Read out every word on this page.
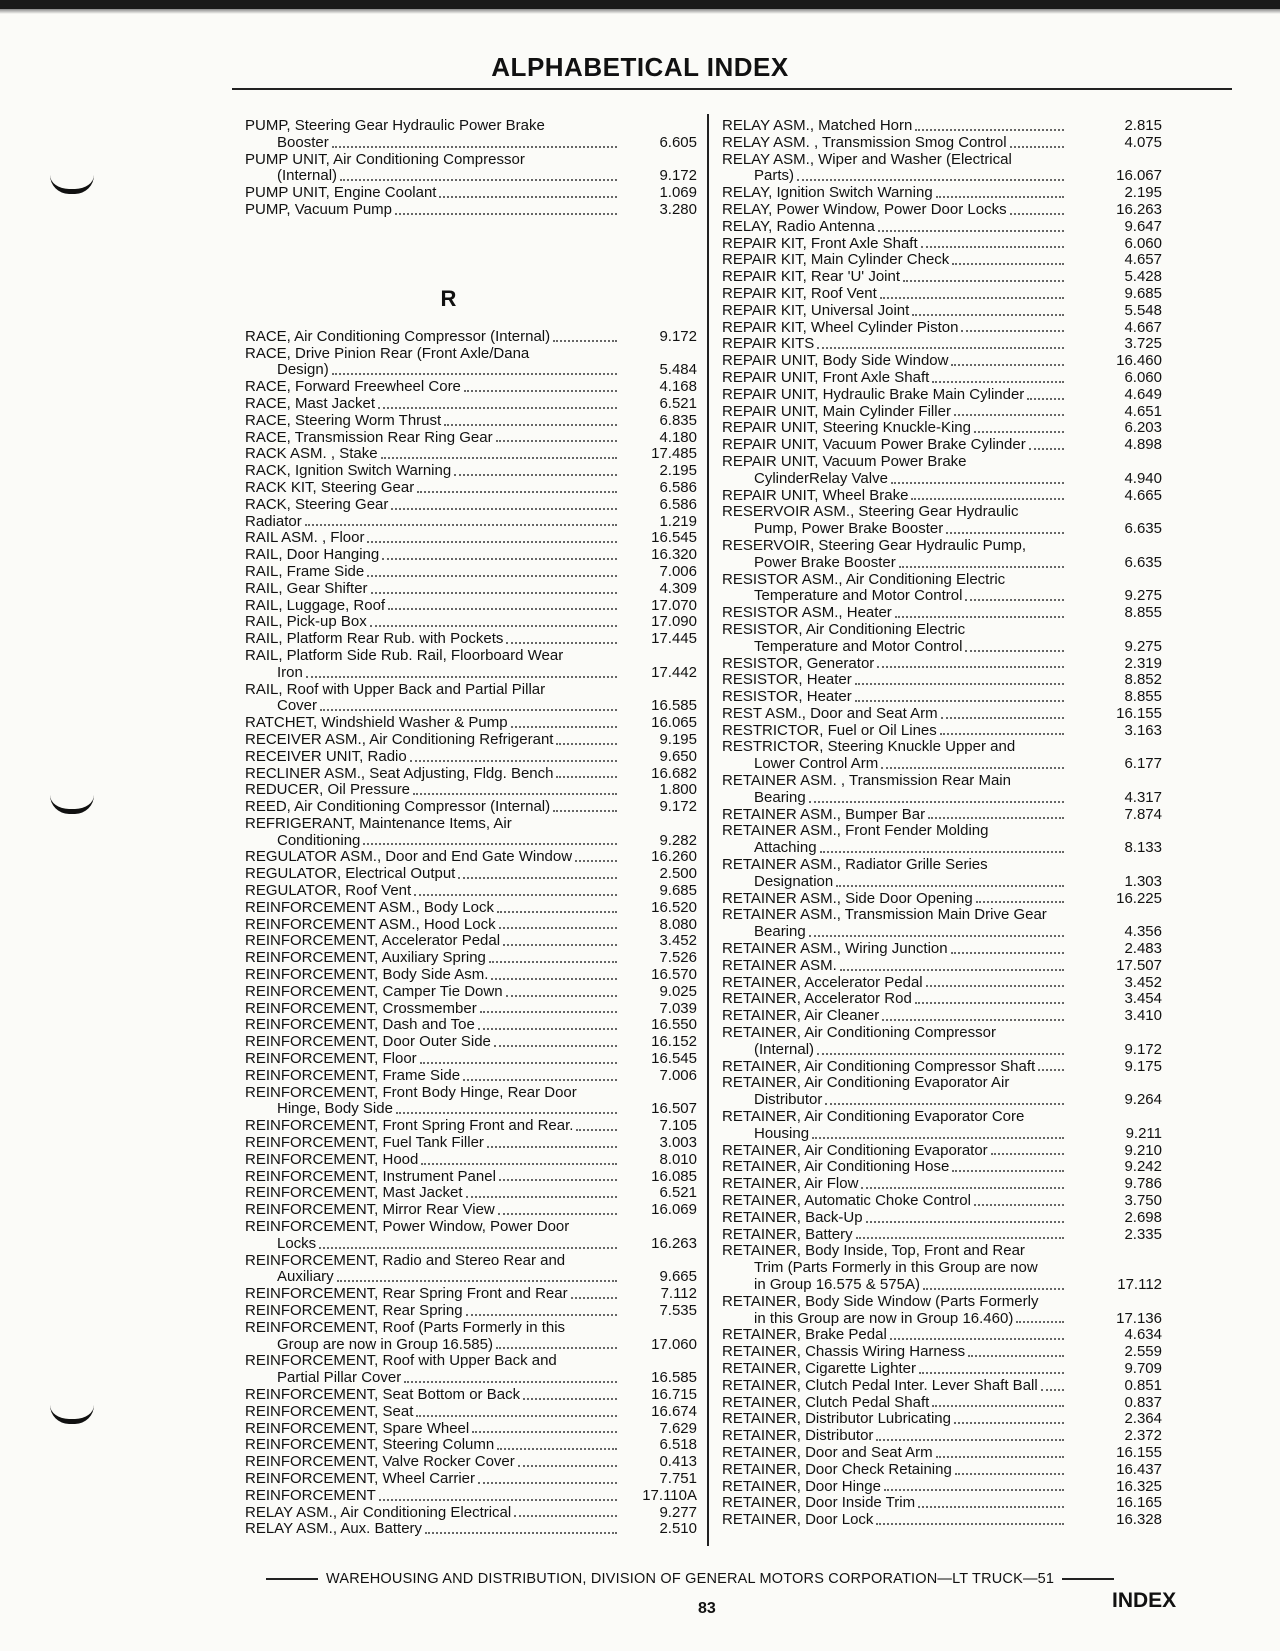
ALPHABETICAL INDEX
PUMP, Steering Gear Hydraulic Power Brake
Booster	6.605
PUMP UNIT, Air Conditioning Compressor
(Internal)	9.172
PUMP UNIT, Engine Coolant	1.069
PUMP, Vacuum Pump	3.280
R
RACE, Air Conditioning Compressor (Internal)	9.172
RACE, Drive Pinion Rear (Front Axle/Dana
Design)	5.484
RACE, Forward Freewheel Core	4.168
RACE, Mast Jacket	6.521
RACE, Steering Worm Thrust	6.835
RACE, Transmission Rear Ring Gear	4.180
RACK ASM. , Stake	17.485
RACK, Ignition Switch Warning	2.195
RACK KIT, Steering Gear	6.586
RACK, Steering Gear	6.586
Radiator	1.219
RAIL ASM. , Floor	16.545
RAIL, Door Hanging	16.320
RAIL, Frame Side	7.006
RAIL, Gear Shifter	4.309
RAIL, Luggage, Roof	17.070
RAIL, Pick-up Box	17.090
RAIL, Platform Rear Rub. with Pockets	17.445
RAIL, Platform Side Rub. Rail, Floorboard Wear
Iron	17.442
RAIL, Roof with Upper Back and Partial Pillar
Cover	16.585
RATCHET, Windshield Washer & Pump	16.065
RECEIVER ASM., Air Conditioning Refrigerant	9.195
RECEIVER UNIT, Radio	9.650
RECLINER ASM., Seat Adjusting, Fldg. Bench	16.682
REDUCER, Oil Pressure	1.800
REED, Air Conditioning Compressor (Internal)	9.172
REFRIGERANT, Maintenance Items, Air
Conditioning	9.282
REGULATOR ASM., Door and End Gate Window	16.260
REGULATOR, Electrical Output	2.500
REGULATOR, Roof Vent	9.685
REINFORCEMENT ASM., Body Lock	16.520
REINFORCEMENT ASM., Hood Lock	8.080
REINFORCEMENT, Accelerator Pedal	3.452
REINFORCEMENT, Auxiliary Spring	7.526
REINFORCEMENT, Body Side Asm.	16.570
REINFORCEMENT, Camper Tie Down	9.025
REINFORCEMENT, Crossmember	7.039
REINFORCEMENT, Dash and Toe	16.550
REINFORCEMENT, Door Outer Side	16.152
REINFORCEMENT, Floor	16.545
REINFORCEMENT, Frame Side	7.006
REINFORCEMENT, Front Body Hinge, Rear Door
Hinge, Body Side	16.507
REINFORCEMENT, Front Spring Front and Rear.	7.105
REINFORCEMENT, Fuel Tank Filler	3.003
REINFORCEMENT, Hood	8.010
REINFORCEMENT, Instrument Panel	16.085
REINFORCEMENT, Mast Jacket	6.521
REINFORCEMENT, Mirror Rear View	16.069
REINFORCEMENT, Power Window, Power Door
Locks	16.263
REINFORCEMENT, Radio and Stereo Rear and
Auxiliary	9.665
REINFORCEMENT, Rear Spring Front and Rear	7.112
REINFORCEMENT, Rear Spring	7.535
REINFORCEMENT, Roof (Parts Formerly in this
Group are now in Group 16.585)	17.060
REINFORCEMENT, Roof with Upper Back and
Partial Pillar Cover	16.585
REINFORCEMENT, Seat Bottom or Back	16.715
REINFORCEMENT, Seat	16.674
REINFORCEMENT, Spare Wheel	7.629
REINFORCEMENT, Steering Column	6.518
REINFORCEMENT, Valve Rocker Cover	0.413
REINFORCEMENT, Wheel Carrier	7.751
REINFORCEMENT	17.110A
RELAY ASM., Air Conditioning Electrical	9.277
RELAY ASM., Aux. Battery	2.510
RELAY ASM., Matched Horn	2.815
RELAY ASM. , Transmission Smog Control	4.075
RELAY ASM., Wiper and Washer (Electrical
Parts)	16.067
RELAY, Ignition Switch Warning	2.195
RELAY, Power Window, Power Door Locks	16.263
RELAY, Radio Antenna	9.647
REPAIR KIT, Front Axle Shaft	6.060
REPAIR KIT, Main Cylinder Check	4.657
REPAIR KIT, Rear 'U' Joint	5.428
REPAIR KIT, Roof Vent	9.685
REPAIR KIT, Universal Joint	5.548
REPAIR KIT, Wheel Cylinder Piston	4.667
REPAIR KITS	3.725
REPAIR UNIT, Body Side Window	16.460
REPAIR UNIT, Front Axle Shaft	6.060
REPAIR UNIT, Hydraulic Brake Main Cylinder	4.649
REPAIR UNIT, Main Cylinder Filler	4.651
REPAIR UNIT, Steering Knuckle-King	6.203
REPAIR UNIT, Vacuum Power Brake Cylinder	4.898
REPAIR UNIT, Vacuum Power Brake
CylinderRelay Valve	4.940
REPAIR UNIT, Wheel Brake	4.665
RESERVOIR ASM., Steering Gear Hydraulic
Pump, Power Brake Booster	6.635
RESERVOIR, Steering Gear Hydraulic Pump,
Power Brake Booster	6.635
RESISTOR ASM., Air Conditioning Electric
Temperature and Motor Control	9.275
RESISTOR ASM., Heater	8.855
RESISTOR, Air Conditioning Electric
Temperature and Motor Control	9.275
RESISTOR, Generator	2.319
RESISTOR, Heater	8.852
RESISTOR, Heater	8.855
REST ASM., Door and Seat Arm	16.155
RESTRICTOR, Fuel or Oil Lines	3.163
RESTRICTOR, Steering Knuckle Upper and
Lower Control Arm	6.177
RETAINER ASM. , Transmission Rear Main
Bearing	4.317
RETAINER ASM., Bumper Bar	7.874
RETAINER ASM., Front Fender Molding
Attaching	8.133
RETAINER ASM., Radiator Grille Series
Designation	1.303
RETAINER ASM., Side Door Opening	16.225
RETAINER ASM., Transmission Main Drive Gear
Bearing	4.356
RETAINER ASM., Wiring Junction	2.483
RETAINER ASM.	17.507
RETAINER, Accelerator Pedal	3.452
RETAINER, Accelerator Rod	3.454
RETAINER, Air Cleaner	3.410
RETAINER, Air Conditioning Compressor
(Internal)	9.172
RETAINER, Air Conditioning Compressor Shaft	9.175
RETAINER, Air Conditioning Evaporator Air
Distributor	9.264
RETAINER, Air Conditioning Evaporator Core
Housing	9.211
RETAINER, Air Conditioning Evaporator	9.210
RETAINER, Air Conditioning Hose	9.242
RETAINER, Air Flow	9.786
RETAINER, Automatic Choke Control	3.750
RETAINER, Back-Up	2.698
RETAINER, Battery	2.335
RETAINER, Body Inside, Top, Front and Rear
Trim (Parts Formerly in this Group are now
in Group 16.575 & 575A)	17.112
RETAINER, Body Side Window (Parts Formerly
in this Group are now in Group 16.460)	17.136
RETAINER, Brake Pedal	4.634
RETAINER, Chassis Wiring Harness	2.559
RETAINER, Cigarette Lighter	9.709
RETAINER, Clutch Pedal Inter. Lever Shaft Ball	0.851
RETAINER, Clutch Pedal Shaft	0.837
RETAINER, Distributor Lubricating	2.364
RETAINER, Distributor	2.372
RETAINER, Door and Seat Arm	16.155
RETAINER, Door Check Retaining	16.437
RETAINER, Door Hinge	16.325
RETAINER, Door Inside Trim	16.165
RETAINER, Door Lock	16.328
WAREHOUSING AND DISTRIBUTION, DIVISION OF GENERAL MOTORS CORPORATION—LT TRUCK—51
83	INDEX
